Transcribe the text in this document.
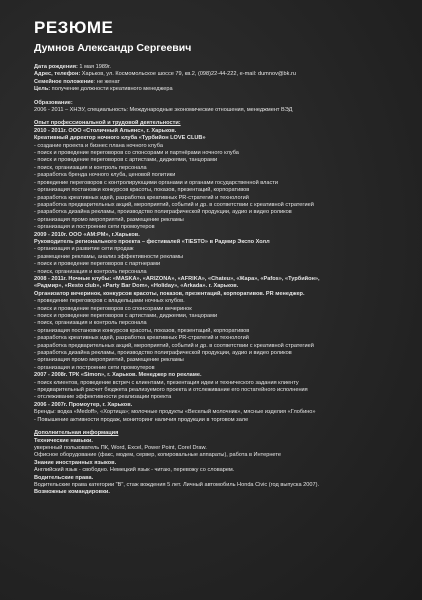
РЕЗЮМЕ
Думнов Александр Сергеевич
Дата рождения: 1 мая 1989г.
Адрес, телефон: Харьков, ул. Космомольское шоссе 79, кв.2, (098)22-44-222, e-mail: dumnov@bk.ru
Семейное положение: не женат
Цель: получение должности креативного менеджера
Образование:
2006 - 2011 – ХНЭУ, специальность: Международные экономические отношения, менеджмент ВЭД
Опыт профессиональной и трудовой деятельности:
2010 - 2011г. ООО «Столичный Альянс», г. Харьков.
Креативный директор ночного клуба «Турбийон LOVE CLUB»
- создание проекта и бизнес плана ночного клуба
- поиск и проведение переговоров со спонсорами и партнёрами ночного клуба
- поиск и проведение переговоров с артистами, диджеями, танцорами
- поиск, организация и контроль персонала
- разработка бренда ночного клуба, ценовой политики
- проведение переговоров с контролирующими органами и органами государственной власти
- организация постановки конкурсов красоты, показов, презентаций, корпоративов
- разработка креативных идей, разработка креативных PR-стратегий и технологий
- разработка предварительных акций, мероприятий, событий и др. в соответствии с креативной стратегией
- разработка дизайна рекламы, производство полиграфической продукции, аудио и видео роликов
- организация промо мероприятий, размещение рекламы
- организация и построение сети промоутеров
2009 - 2010г. ООО «AM:PM», г.Харьков.
Руководитель регионального проекта – фестивалей «TIESTO» в Радмир Экспо Холл
- организация и развитие сети продаж
- размещение рекламы, анализ эффективности рекламы
- поиск и проведение переговоров с партнерами
- поиск, организация и контроль персонала
2008 - 2011г. Ночные клубы: «MASKA», «ARIZONA», «AFRIKA», «Chateu», «Жара», «Pafos», «Турбийон»,
«Радмир», «Resto club», «Party Bar Dom», «Holiday», «Arkada». г. Харьков.
Организатор вечеринок, конкурсов красоты, показов, презентаций, корпоративов. PR менеджер.
- проведение переговоров с владельцами ночных клубов.
- поиск и проведение переговоров со спонсорами вечеринок
- поиск и проведение переговоров с артистами, диджеями, танцорами
- поиск, организация и контроль персонала
- организация постановки конкурсов красоты, показов, презентаций, корпоративов
- разработка креативных идей, разработка креативных PR-стратегий и технологий
- разработка предварительных акций, мероприятий, событий и др. в соответствии с креативной стратегией
- разработка дизайна рекламы, производство полиграфической продукции, аудио и видео роликов
- организация промо мероприятий, размещение рекламы
- организация и построение сети промоутеров
2007 - 2008г. ТРК «Simon», г. Харьков. Менеджер по рекламе.
- поиск клиентов, проведение встреч с клиентами, презентация идеи и технического задания клиенту
- предварительный расчет бюджета реализуемого проекта и отслеживание его постатейного исполнения
- отслеживание эффективности реализации проекта
2006 - 2007г. Промоутер, г. Харьков.
Бренды: водка «Medoff», «Хортица»; молочные продукты «Веселый молочник», мясные изделия «Глобино»
- Повышение активности продаж, мониторинг наличия продукции в торговом зале
Дополнительная информация
Технические навыки.
уверенный пользователь ПК, Word, Excel, Power Point, Corel Draw.
Офисное оборудование (факс, модем, сервер, копировальные аппараты), работа в Интернете
Знание иностранных языков.
Английский язык - свободно. Немецкий язык - читаю, перевожу со словарем.
Водительские права.
Водительские права категории "B", стаж вождения 5 лет. Личный автомобиль Honda Civic (год выпуска 2007).
Возможные командировки.
